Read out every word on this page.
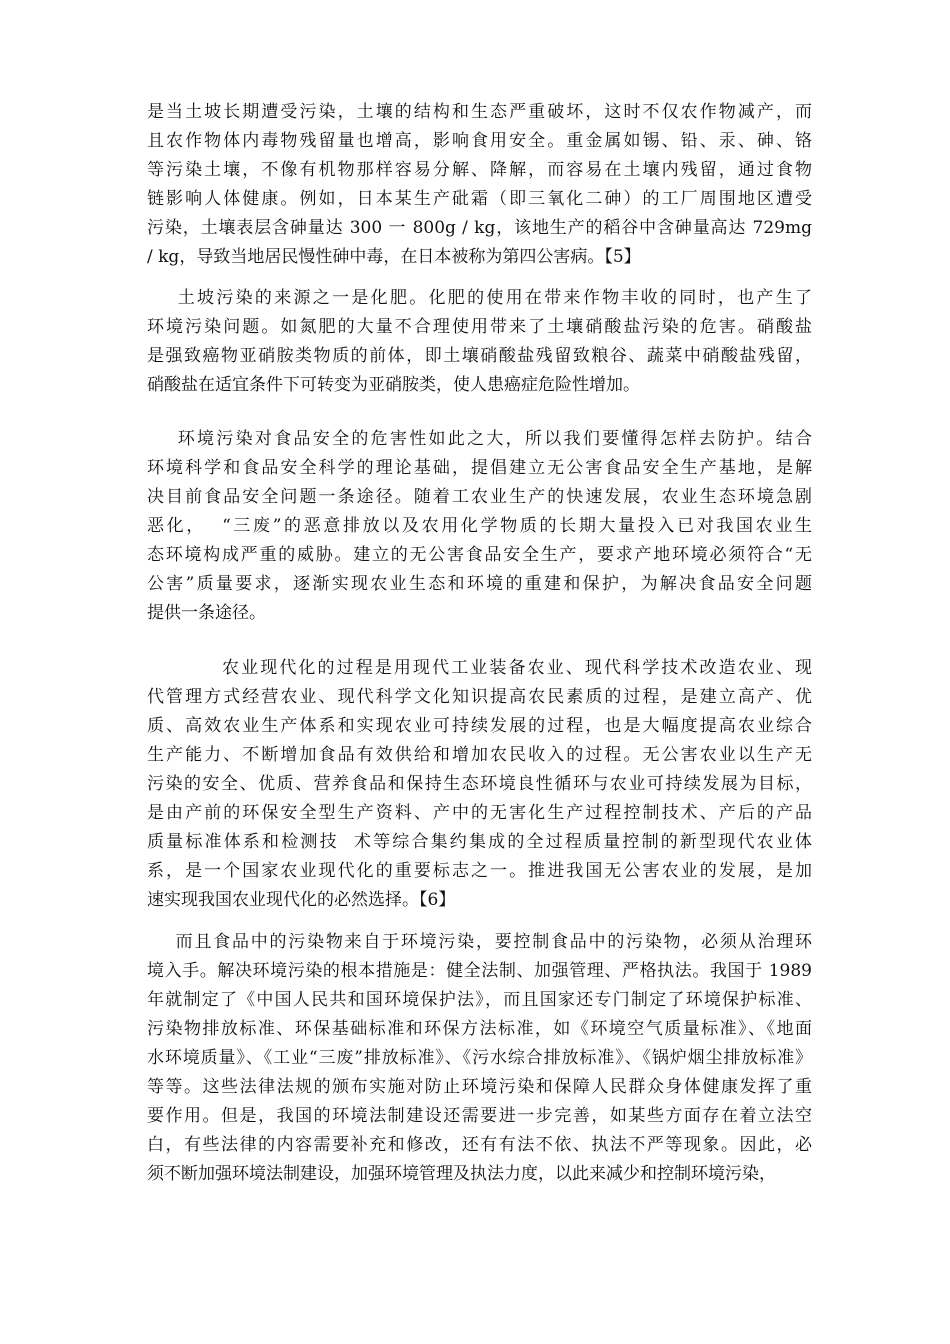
是当土坡长期遭受污染，土壤的结构和生态严重破坏，这时不仅农作物减产，而
且农作物体内毒物残留量也增高，影响食用安全。重金属如锡、铅、汞、砷、铬
等污染土壤，不像有机物那样容易分解、降解，而容易在土壤内残留，通过食物
链影响人体健康。例如，日本某生产砒霜（即三氧化二砷）的工厂周围地区遭受
污染，土壤表层含砷量达 300 一 800g / kg，该地生产的稻谷中含砷量高达 729mg
/ kg，导致当地居民慢性砷中毒，在日本被称为第四公害病。【5】
土坡污染的来源之一是化肥。化肥的使用在带来作物丰收的同时，也产生了
环境污染问题。如氮肥的大量不合理使用带来了土壤硝酸盐污染的危害。硝酸盐
是强致癌物亚硝胺类物质的前体，即土壤硝酸盐残留致粮谷、蔬菜中硝酸盐残留，
硝酸盐在适宜条件下可转变为亚硝胺类，使人患癌症危险性增加。
环境污染对食品安全的危害性如此之大，所以我们要懂得怎样去防护。结合
环境科学和食品安全科学的理论基础，提倡建立无公害食品安全生产基地，是解
决目前食品安全问题一条途径。随着工农业生产的快速发展，农业生态环境急剧
恶化，  “三废”的恶意排放以及农用化学物质的长期大量投入已对我国农业生
态环境构成严重的威胁。建立的无公害食品安全生产，要求产地环境必须符合“无
公害”质量要求，逐渐实现农业生态和环境的重建和保护，为解决食品安全问题
提供一条途径。
农业现代化的过程是用现代工业装备农业、现代科学技术改造农业、现
代管理方式经营农业、现代科学文化知识提高农民素质的过程，是建立高产、优
质、高效农业生产体系和实现农业可持续发展的过程，也是大幅度提高农业综合
生产能力、不断增加食品有效供给和增加农民收入的过程。无公害农业以生产无
污染的安全、优质、营养食品和保持生态环境良性循环与农业可持续发展为目标，
是由产前的环保安全型生产资料、产中的无害化生产过程控制技术、产后的产品
质量标准体系和检测技  术等综合集约集成的全过程质量控制的新型现代农业体
系，是一个国家农业现代化的重要标志之一。推进我国无公害农业的发展，是加
速实现我国农业现代化的必然选择。【6】
而且食品中的污染物来自于环境污染，要控制食品中的污染物，必须从治理环
境入手。解决环境污染的根本措施是：健全法制、加强管理、严格执法。我国于 1989
年就制定了《中国人民共和国环境保护法》，而且国家还专门制定了环境保护标准、
污染物排放标准、环保基础标准和环保方法标准，如《环境空气质量标准》、《地面
水环境质量》、《工业“三废”排放标准》、《污水综合排放标准》、《锅炉烟尘排放标准》
等等。这些法律法规的颁布实施对防止环境污染和保障人民群众身体健康发挥了重
要作用。但是，我国的环境法制建设还需要进一步完善，如某些方面存在着立法空
白，有些法律的内容需要补充和修改，还有有法不依、执法不严等现象。因此，必
须不断加强环境法制建设，加强环境管理及执法力度，以此来减少和控制环境污染，
